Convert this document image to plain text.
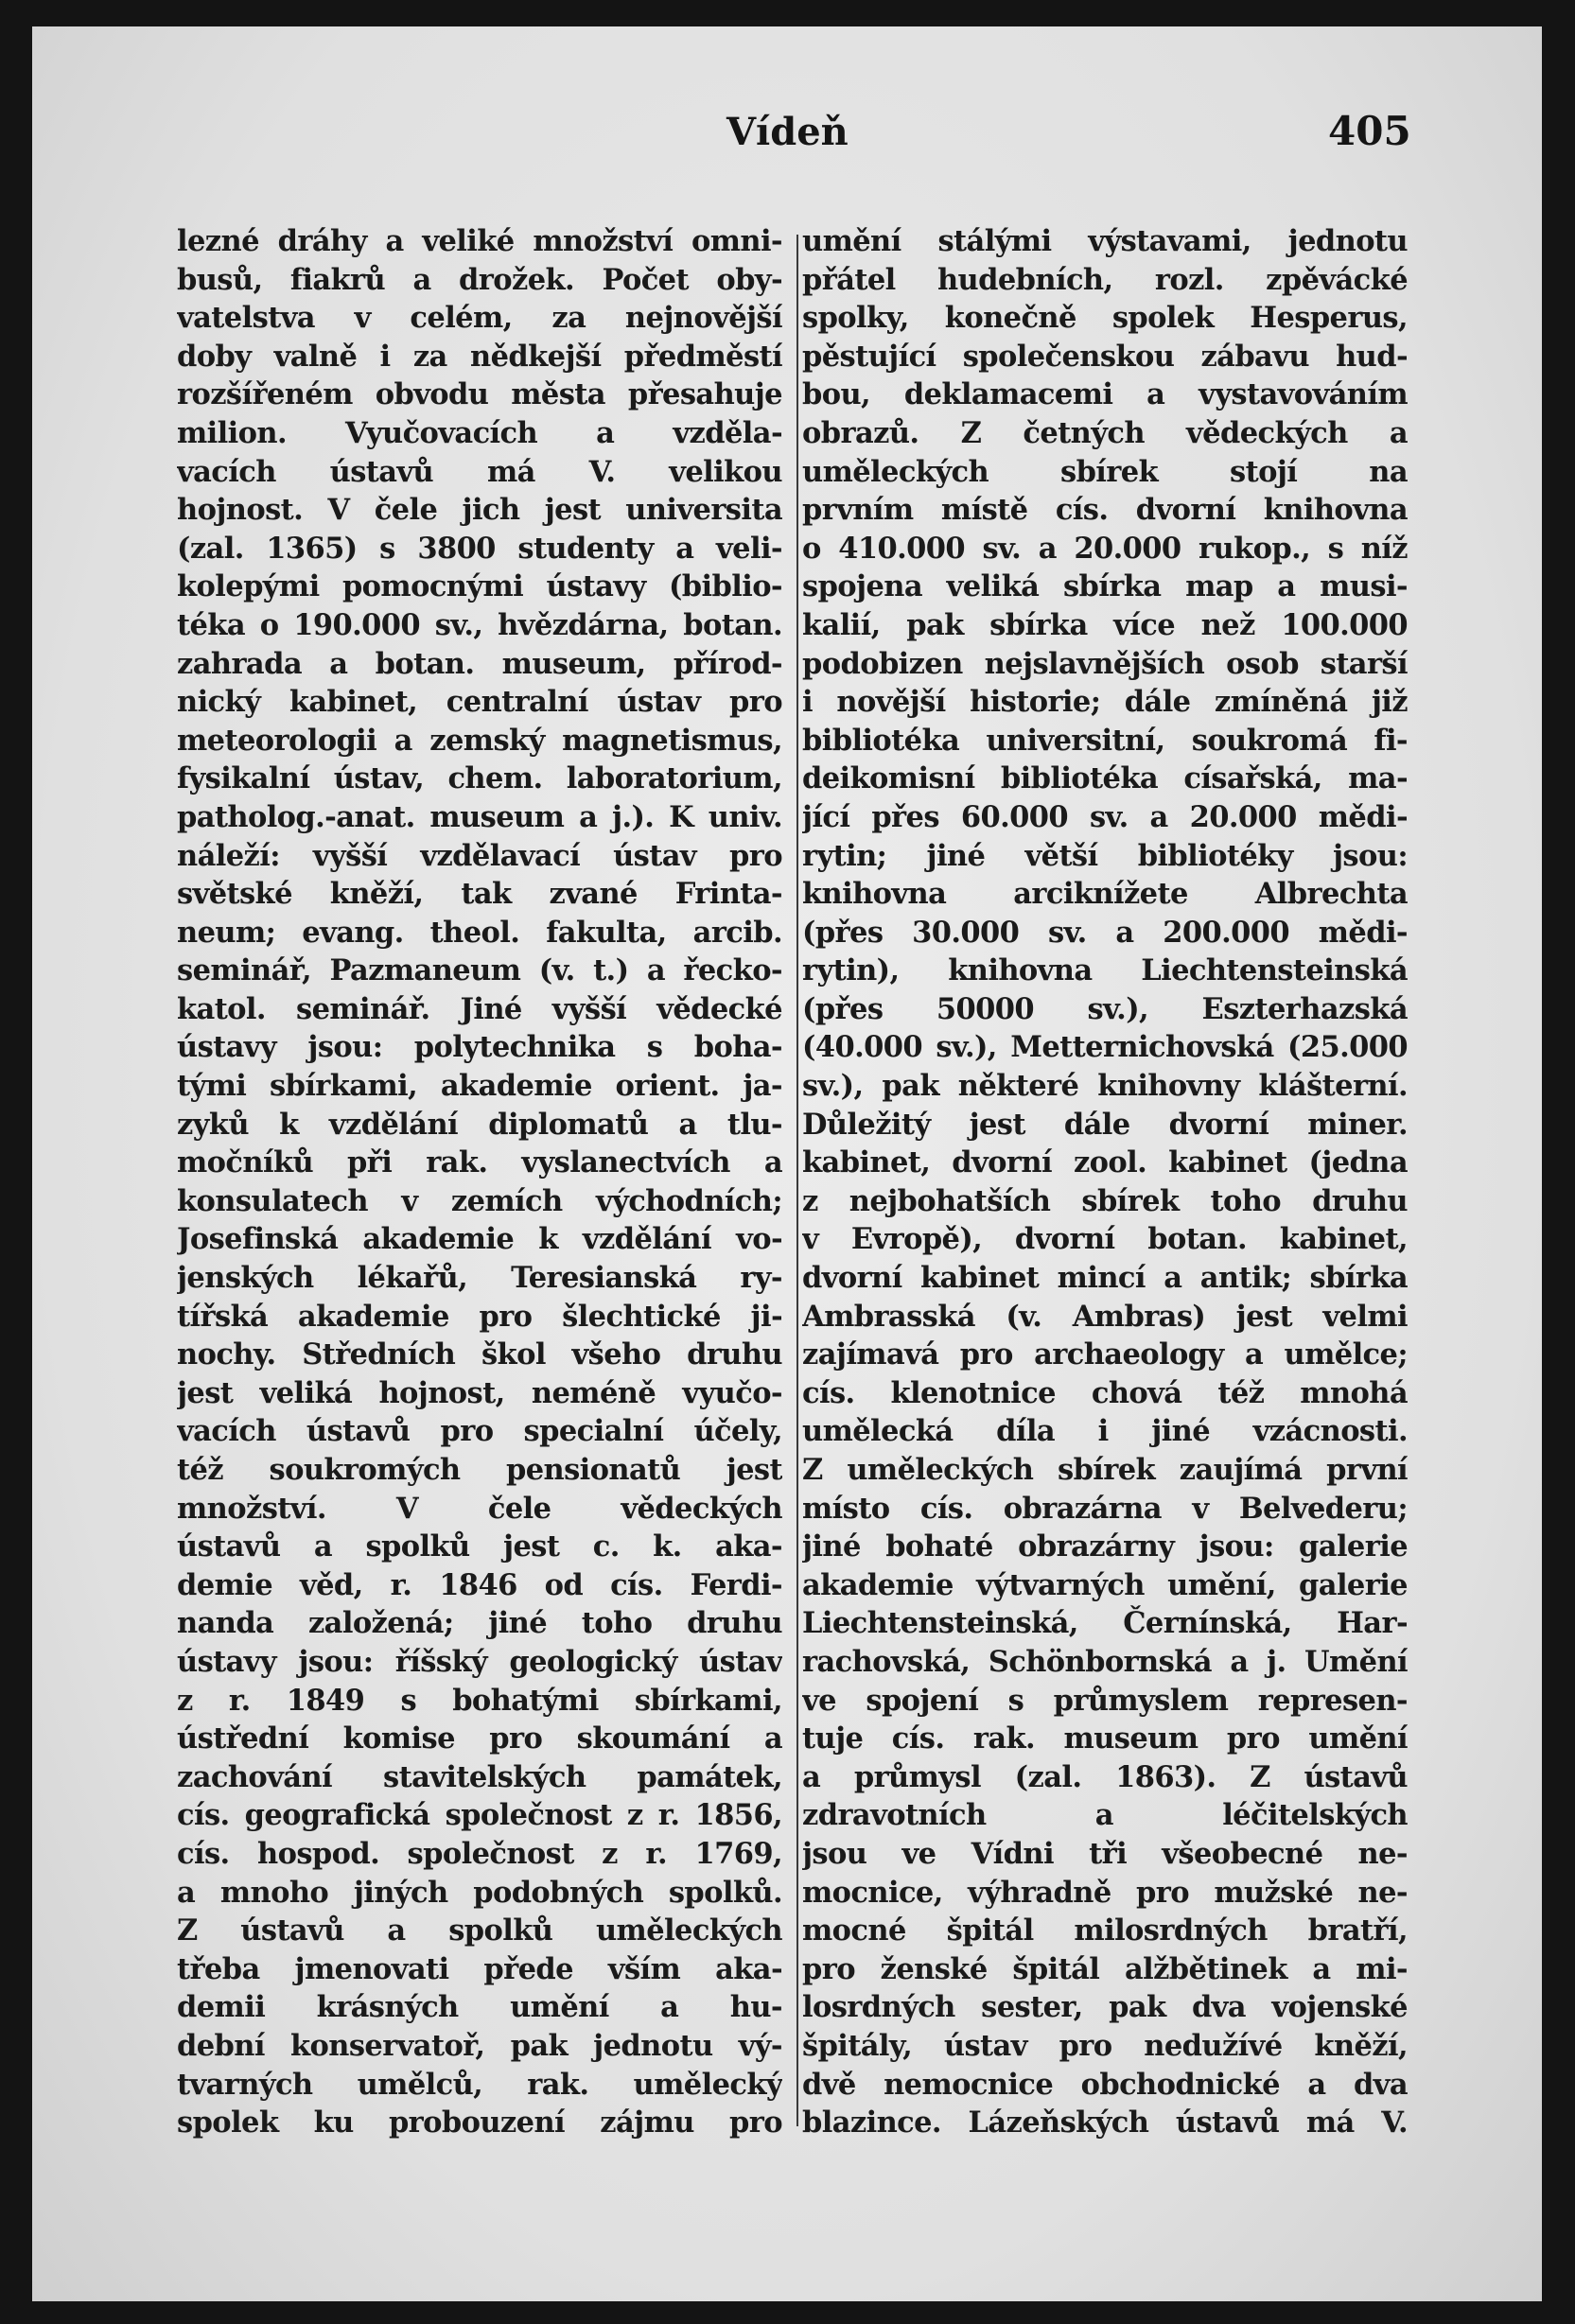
Vídeň	405
lezné dráhy a veliké množství omni-
busů, fiakrů a drožek. Počet oby-
vatelstva v celém, za nejnovější
doby valně i za nědkejší předměstí
rozšířeném obvodu města přesahuje
milion. Vyučovacích a vzděla-
vacích ústavů má V. velikou
hojnost. V čele jich jest universita
(zal. 1365) s 3800 studenty a veli-
kolepými pomocnými ústavy (biblio-
téka o 190.000 sv., hvězdárna, botan.
zahrada a botan. museum, přírod-
nický kabinet, centralní ústav pro
meteorologii a zemský magnetismus,
fysikalní ústav, chem. laboratorium,
patholog.-anat. museum a j.). K univ.
náleží: vyšší vzdělavací ústav pro
světské kněží, tak zvané Frinta-
neum; evang. theol. fakulta, arcib.
seminář, Pazmaneum (v. t.) a řecko-
katol. seminář. Jiné vyšší vědecké
ústavy jsou: polytechnika s boha-
tými sbírkami, akademie orient. ja-
zyků k vzdělání diplomatů a tlu-
močníků při rak. vyslanectvích a
konsulatech v zemích východních;
Josefinská akademie k vzdělání vo-
jenských lékařů, Teresianská ry-
tířská akademie pro šlechtické ji-
nochy. Středních škol všeho druhu
jest veliká hojnost, neméně vyučo-
vacích ústavů pro specialní účely,
též soukromých pensionatů jest
množství. V čele vědeckých
ústavů a spolků jest c. k. aka-
demie věd, r. 1846 od cís. Ferdi-
nanda založená; jiné toho druhu
ústavy jsou: říšský geologický ústav
z r. 1849 s bohatými sbírkami,
ústřední komise pro skoumání a
zachování stavitelských památek,
cís. geografická společnost z r. 1856,
cís. hospod. společnost z r. 1769,
a mnoho jiných podobných spolků.
Z ústavů a spolků uměleckých
třeba jmenovati přede vším aka-
demii krásných umění a hu-
dební konservatoř, pak jednotu vý-
tvarných umělců, rak. umělecký
spolek ku probouzení zájmu pro
umění stálými výstavami, jednotu
přátel hudebních, rozl. zpěvácké
spolky, konečně spolek Hesperus,
pěstující společenskou zábavu hud-
bou, deklamacemi a vystavováním
obrazů. Z četných vědeckých a
uměleckých sbírek stojí na
prvním místě cís. dvorní knihovna
o 410.000 sv. a 20.000 rukop., s níž
spojena veliká sbírka map a musi-
kalií, pak sbírka více než 100.000
podobizen nejslavnějších osob starší
i novější historie; dále zmíněná již
bibliotéka universitní, soukromá fi-
deikomisní bibliotéka císařská, ma-
jící přes 60.000 sv. a 20.000 mědi-
rytin; jiné větší bibliotéky jsou:
knihovna arciknížete Albrechta
(přes 30.000 sv. a 200.000 mědi-
rytin), knihovna Liechtensteinská
(přes 50000 sv.), Eszterhazská
(40.000 sv.), Metternichovská (25.000
sv.), pak některé knihovny klášterní.
Důležitý jest dále dvorní miner.
kabinet, dvorní zool. kabinet (jedna
z nejbohatších sbírek toho druhu
v Evropě), dvorní botan. kabinet,
dvorní kabinet mincí a antik; sbírka
Ambrasská (v. Ambras) jest velmi
zajímavá pro archaeology a umělce;
cís. klenotnice chová též mnohá
umělecká díla i jiné vzácnosti.
Z uměleckých sbírek zaujímá první
místo cís. obrazárna v Belvederu;
jiné bohaté obrazárny jsou: galerie
akademie výtvarných umění, galerie
Liechtensteinská, Černínská, Har-
rachovská, Schönbornská a j. Umění
ve spojení s průmyslem represen-
tuje cís. rak. museum pro umění
a průmysl (zal. 1863). Z ústavů
zdravotních a léčitelských
jsou ve Vídni tři všeobecné ne-
mocnice, výhradně pro mužské ne-
mocné špitál milosrdných bratří,
pro ženské špitál alžbětinek a mi-
losrdných sester, pak dva vojenské
špitály, ústav pro nedužívé kněží,
dvě nemocnice obchodnické a dva
blazince. Lázeňských ústavů má V.
